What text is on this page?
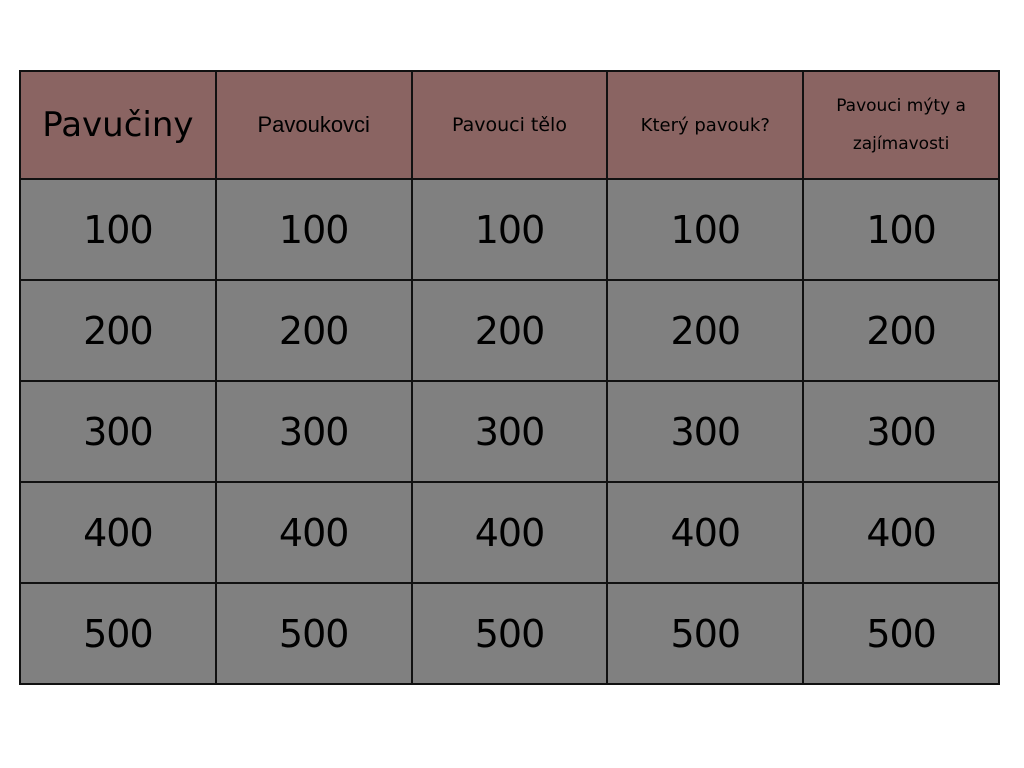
Pavučiny	Pavoukovci	Pavouci tělo	Který pavouk?	Pavouci mýty a zajímavosti
100	100	100	100	100
200	200	200	200	200
300	300	300	300	300
400	400	400	400	400
500	500	500	500	500
